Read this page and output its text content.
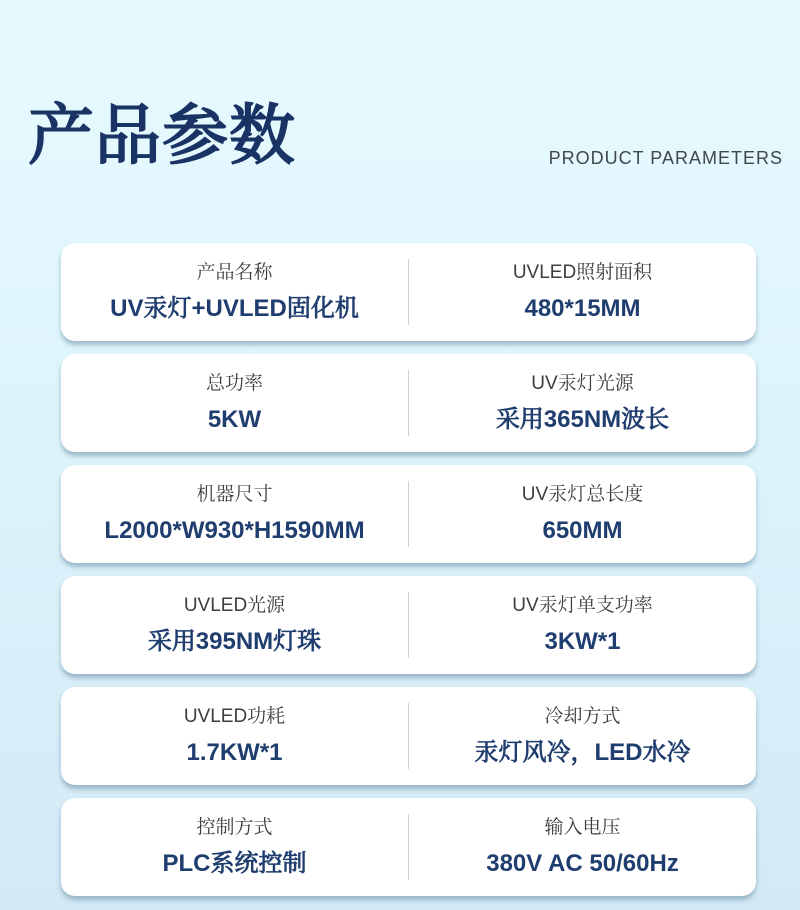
产品参数	PRODUCT PARAMETERS
产品名称
UV汞灯+UVLED固化机
UVLED照射面积
480*15MM
总功率
5KW
UV汞灯光源
采用365NM波长
机器尺寸
L2000*W930*H1590MM
UV汞灯总长度
650MM
UVLED光源
采用395NM灯珠
UV汞灯单支功率
3KW*1
UVLED功耗
1.7KW*1
冷却方式
汞灯风冷，LED水冷
控制方式
PLC系统控制
输入电压
380V AC 50/60Hz
